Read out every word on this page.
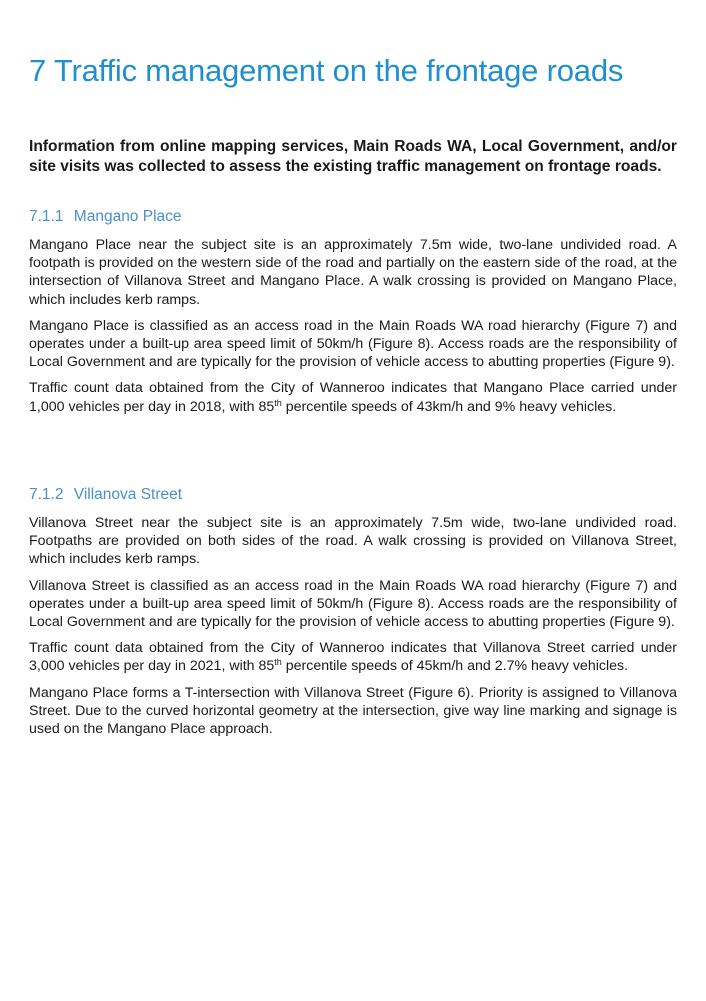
7 Traffic management on the frontage roads

Information from online mapping services, Main Roads WA, Local Government, and/or site visits was collected to assess the existing traffic management on frontage roads.

7.1.1 Mangano Place

Mangano Place near the subject site is an approximately 7.5m wide, two-lane undivided road. A footpath is provided on the western side of the road and partially on the eastern side of the road, at the intersection of Villanova Street and Mangano Place. A walk crossing is provided on Mangano Place, which includes kerb ramps.

Mangano Place is classified as an access road in the Main Roads WA road hierarchy (Figure 7) and operates under a built-up area speed limit of 50km/h (Figure 8). Access roads are the responsibility of Local Government and are typically for the provision of vehicle access to abutting properties (Figure 9).

Traffic count data obtained from the City of Wanneroo indicates that Mangano Place carried under 1,000 vehicles per day in 2018, with 85th percentile speeds of 43km/h and 9% heavy vehicles.

7.1.2 Villanova Street

Villanova Street near the subject site is an approximately 7.5m wide, two-lane undivided road. Footpaths are provided on both sides of the road. A walk crossing is provided on Villanova Street, which includes kerb ramps.

Villanova Street is classified as an access road in the Main Roads WA road hierarchy (Figure 7) and operates under a built-up area speed limit of 50km/h (Figure 8). Access roads are the responsibility of Local Government and are typically for the provision of vehicle access to abutting properties (Figure 9).

Traffic count data obtained from the City of Wanneroo indicates that Villanova Street carried under 3,000 vehicles per day in 2021, with 85th percentile speeds of 45km/h and 2.7% heavy vehicles.

Mangano Place forms a T-intersection with Villanova Street (Figure 6). Priority is assigned to Villanova Street. Due to the curved horizontal geometry at the intersection, give way line marking and signage is used on the Mangano Place approach.
